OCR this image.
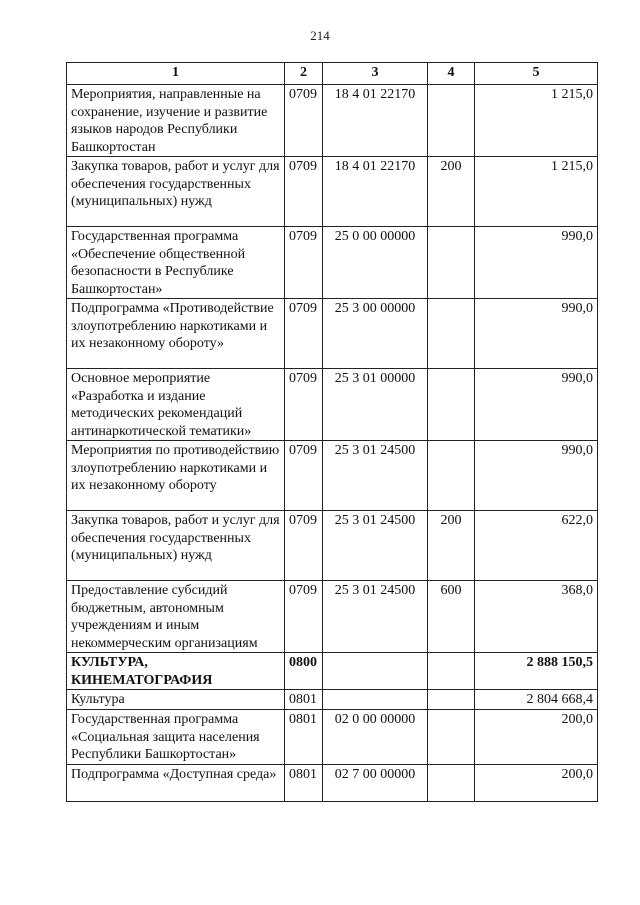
214
1	2	3	4	5
Мероприятия, направленные на сохранение, изучение и развитие языков народов Республики Башкортостан	0709	18 4 01 22170		1 215,0
Закупка товаров, работ и услуг для обеспечения государственных (муниципальных) нужд	0709	18 4 01 22170	200	1 215,0
Государственная программа «Обеспечение общественной безопасности в Республике Башкортостан»	0709	25 0 00 00000		990,0
Подпрограмма «Противодействие злоупотреблению наркотиками и их незаконному обороту»	0709	25 3 00 00000		990,0
Основное мероприятие «Разработка и издание методических рекомендаций антинаркотической тематики»	0709	25 3 01 00000		990,0
Мероприятия по противодействию злоупотреблению наркотиками и их незаконному обороту	0709	25 3 01 24500		990,0
Закупка товаров, работ и услуг для обеспечения государственных (муниципальных) нужд	0709	25 3 01 24500	200	622,0
Предоставление субсидий бюджетным, автономным учреждениям и иным некоммерческим организациям	0709	25 3 01 24500	600	368,0
КУЛЬТУРА, КИНЕМАТОГРАФИЯ	0800			2 888 150,5
Культура	0801			2 804 668,4
Государственная программа «Социальная защита населения Республики Башкортостан»	0801	02 0 00 00000		200,0
Подпрограмма «Доступная среда»	0801	02 7 00 00000		200,0
